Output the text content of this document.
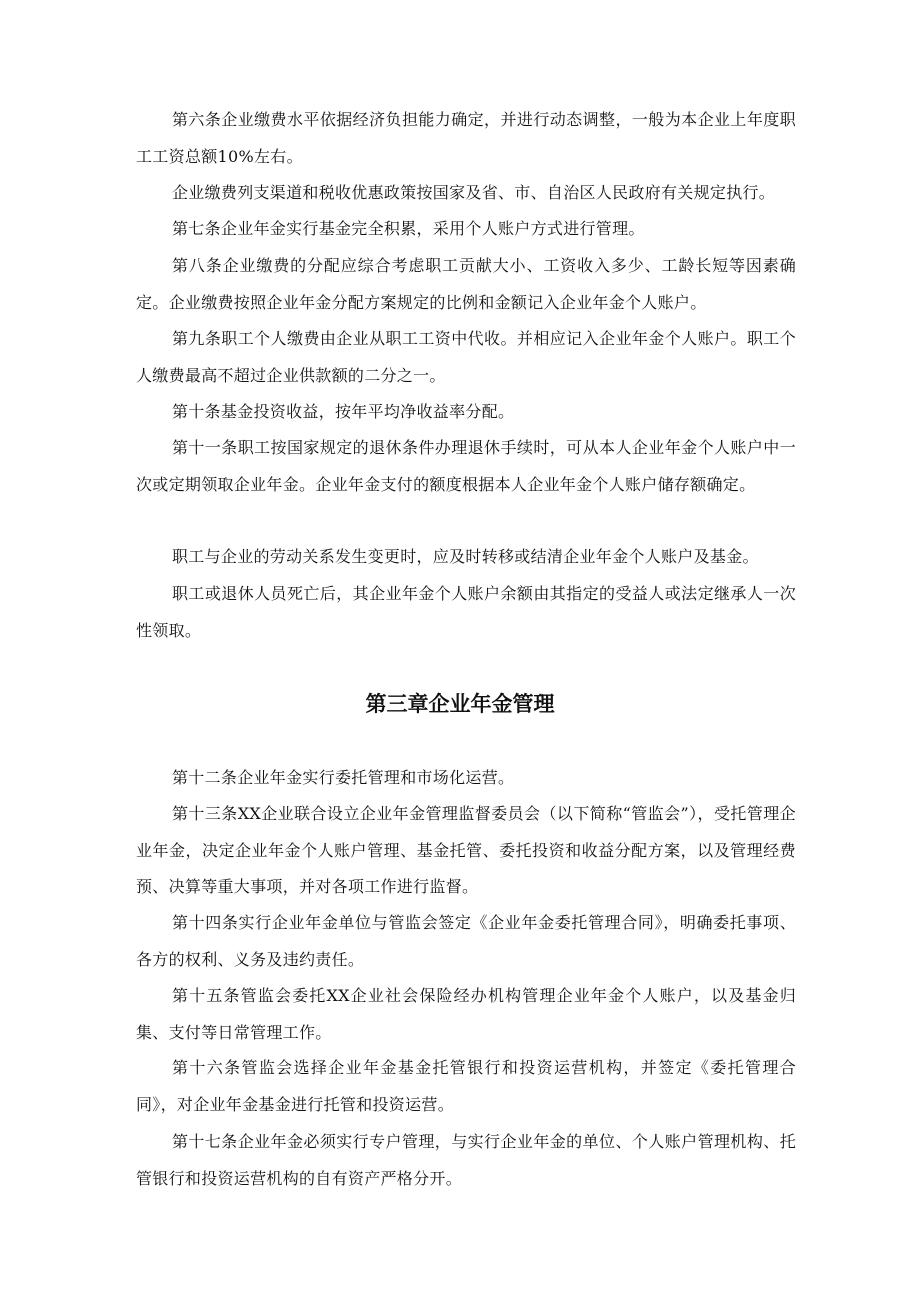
第六条企业缴费水平依据经济负担能力确定，并进行动态调整，一般为本企业上年度职工工资总额10%左右。

企业缴费列支渠道和税收优惠政策按国家及省、市、自治区人民政府有关规定执行。

第七条企业年金实行基金完全积累，采用个人账户方式进行管理。

第八条企业缴费的分配应综合考虑职工贡献大小、工资收入多少、工龄长短等因素确定。企业缴费按照企业年金分配方案规定的比例和金额记入企业年金个人账户。

第九条职工个人缴费由企业从职工工资中代收。并相应记入企业年金个人账户。职工个人缴费最高不超过企业供款额的二分之一。

第十条基金投资收益，按年平均净收益率分配。

第十一条职工按国家规定的退休条件办理退休手续时，可从本人企业年金个人账户中一次或定期领取企业年金。企业年金支付的额度根据本人企业年金个人账户储存额确定。

职工与企业的劳动关系发生变更时，应及时转移或结清企业年金个人账户及基金。

职工或退休人员死亡后，其企业年金个人账户余额由其指定的受益人或法定继承人一次性领取。

第三章企业年金管理

第十二条企业年金实行委托管理和市场化运营。

第十三条XX企业联合设立企业年金管理监督委员会（以下简称“管监会”），受托管理企业年金，决定企业年金个人账户管理、基金托管、委托投资和收益分配方案，以及管理经费预、决算等重大事项，并对各项工作进行监督。

第十四条实行企业年金单位与管监会签定《企业年金委托管理合同》，明确委托事项、各方的权利、义务及违约责任。

第十五条管监会委托XX企业社会保险经办机构管理企业年金个人账户，以及基金归集、支付等日常管理工作。

第十六条管监会选择企业年金基金托管银行和投资运营机构，并签定《委托管理合同》，对企业年金基金进行托管和投资运营。

第十七条企业年金必须实行专户管理，与实行企业年金的单位、个人账户管理机构、托管银行和投资运营机构的自有资产严格分开。
